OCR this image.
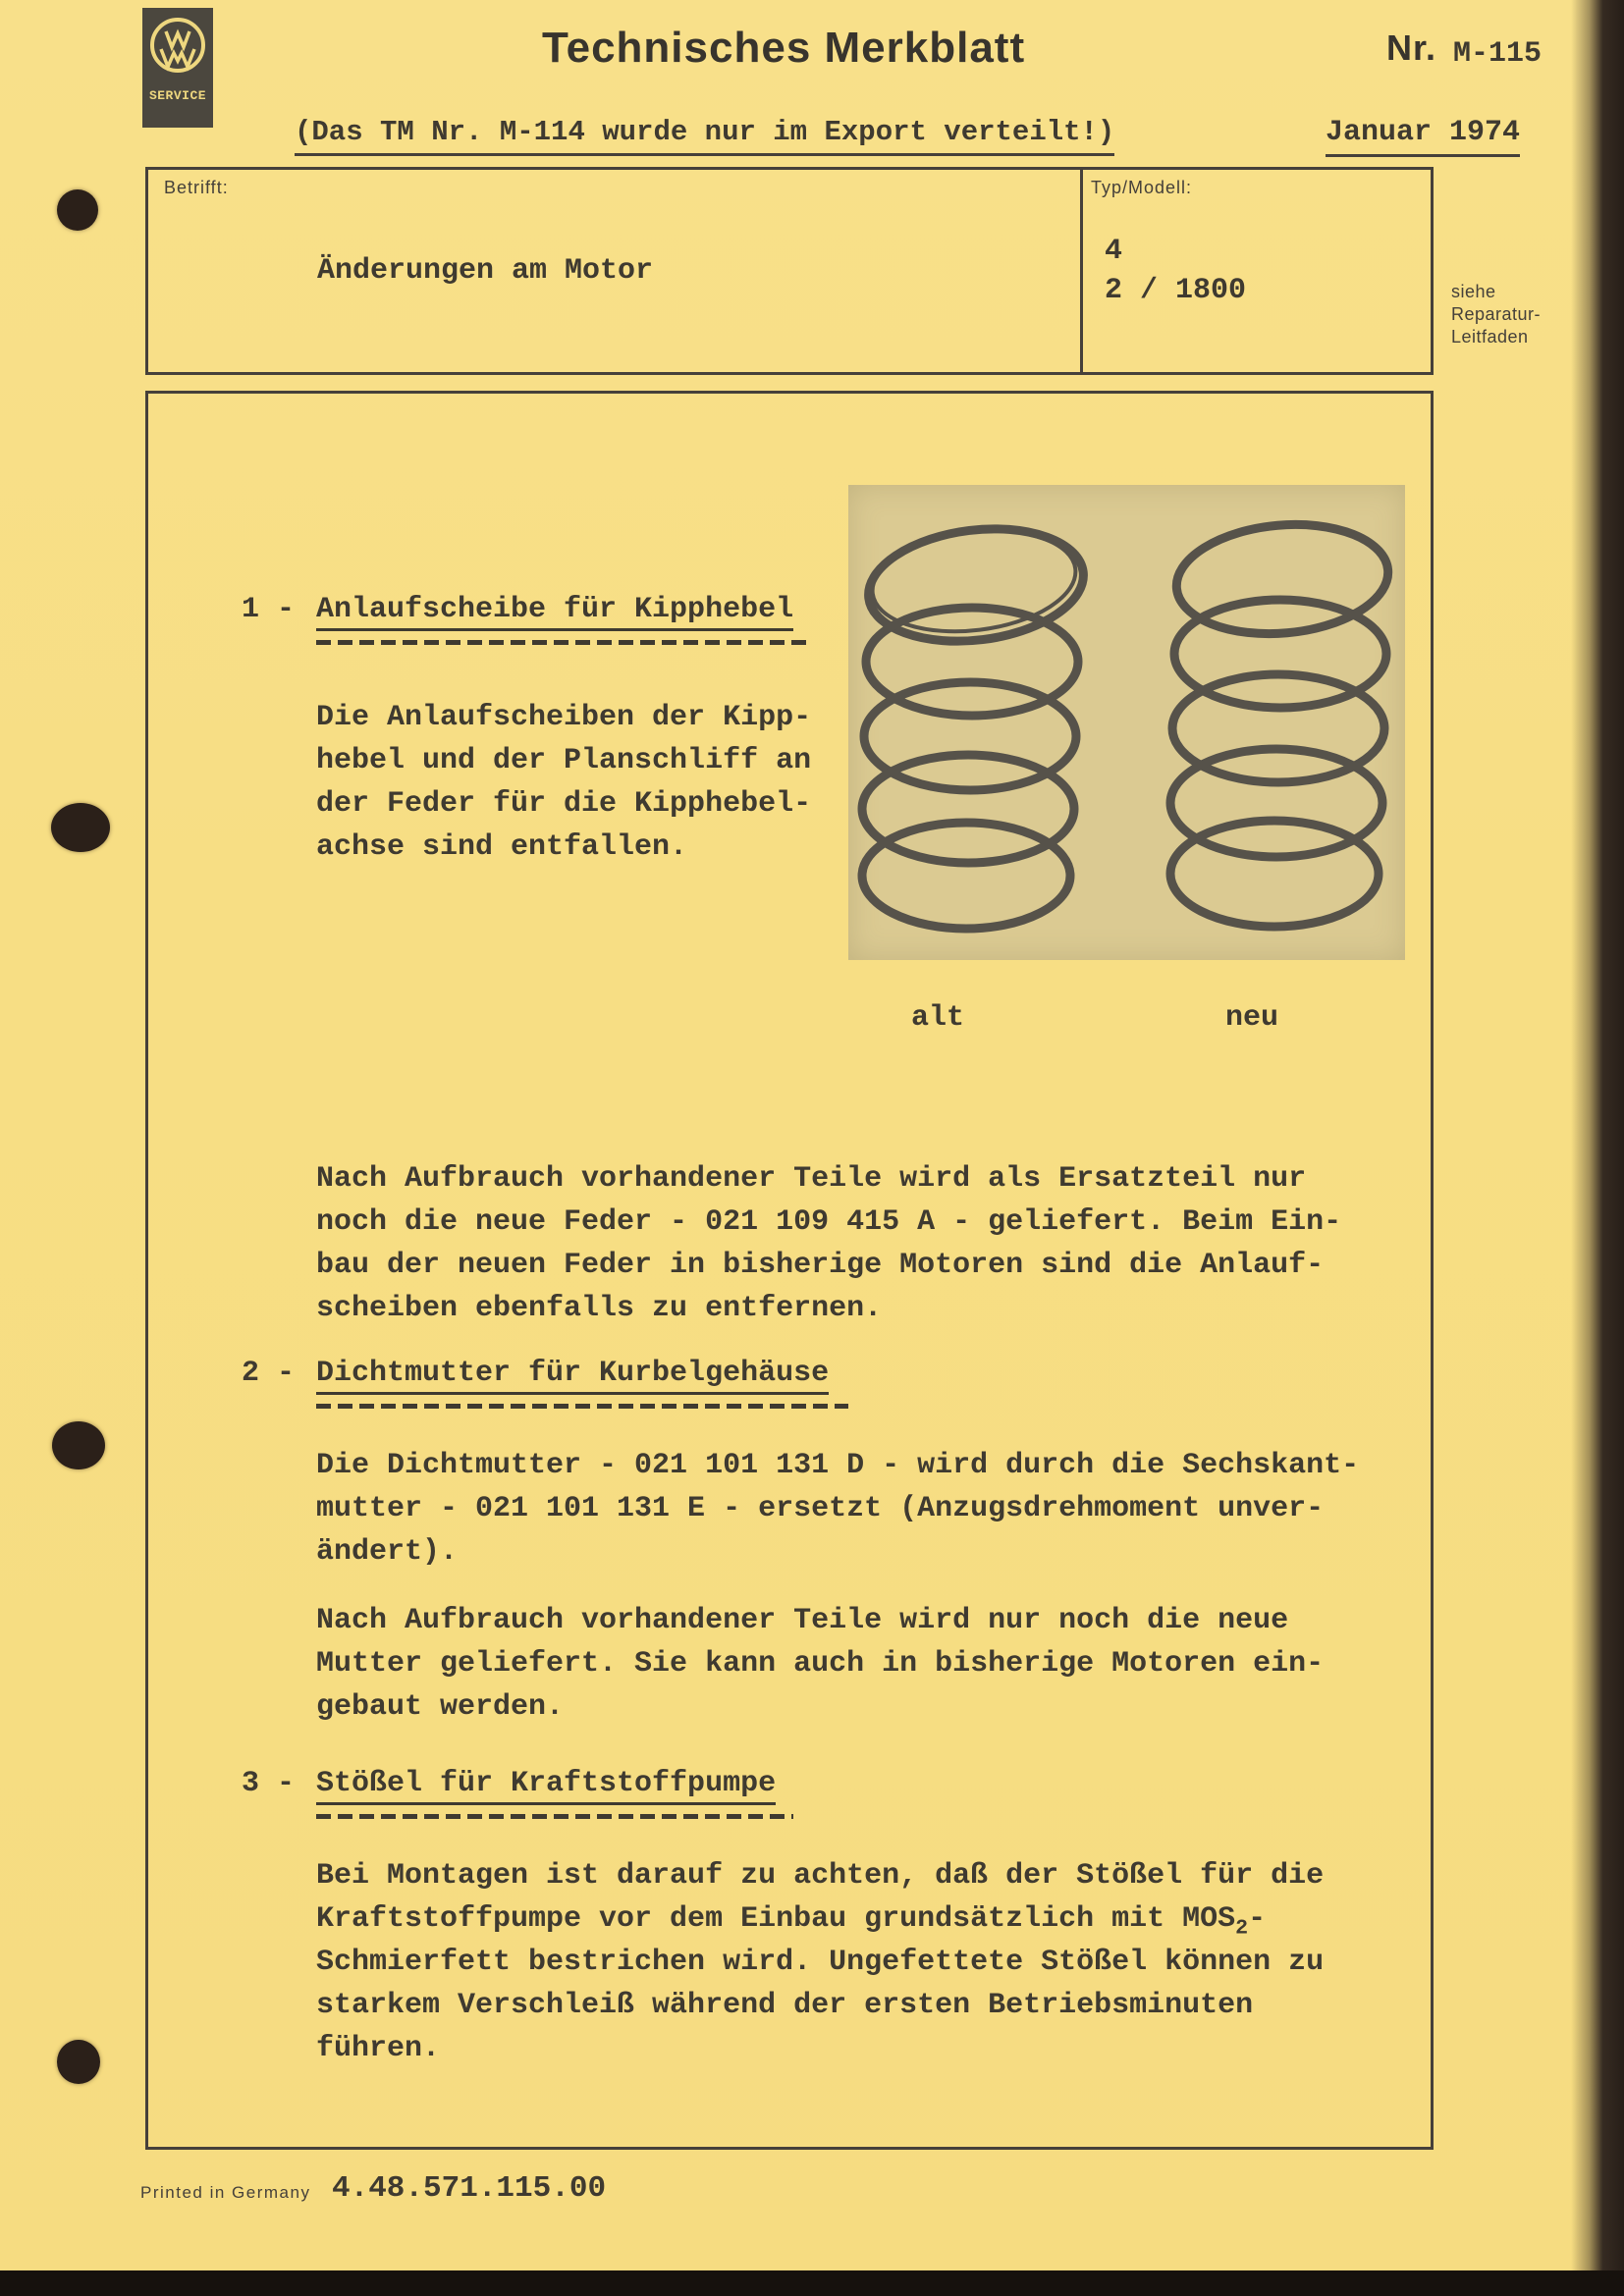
SERVICE
Technisches Merkblatt	Nr. M-115
(Das TM Nr. M-114 wurde nur im Export verteilt!)	Januar 1974
Betrifft:	Typ/Modell:
Änderungen am Motor
4
2 / 1800	siehe
Reparatur-
Leitfaden
alt	neu
1 - Anlaufscheibe für Kipphebel
Die Anlaufscheiben der Kipp-
hebel und der Planschliff an
der Feder für die Kipphebel-
achse sind entfallen.
Nach Aufbrauch vorhandener Teile wird als Ersatzteil nur
noch die neue Feder - 021 109 415 A - geliefert. Beim Ein-
bau der neuen Feder in bisherige Motoren sind die Anlauf-
scheiben ebenfalls zu entfernen.
2 - Dichtmutter für Kurbelgehäuse
Die Dichtmutter - 021 101 131 D - wird durch die Sechskant-
mutter - 021 101 131 E - ersetzt (Anzugsdrehmoment unver-
ändert).
Nach Aufbrauch vorhandener Teile wird nur noch die neue
Mutter geliefert. Sie kann auch in bisherige Motoren ein-
gebaut werden.
3 - Stößel für Kraftstoffpumpe
Bei Montagen ist darauf zu achten, daß der Stößel für die
Kraftstoffpumpe vor dem Einbau grundsätzlich mit $MOS_2-$
Schmierfett bestrichen wird. Ungefettete Stößel können zu
starkem Verschleiß während der ersten Betriebsminuten
führen.
Printed in Germany 4.48.571.115.00
